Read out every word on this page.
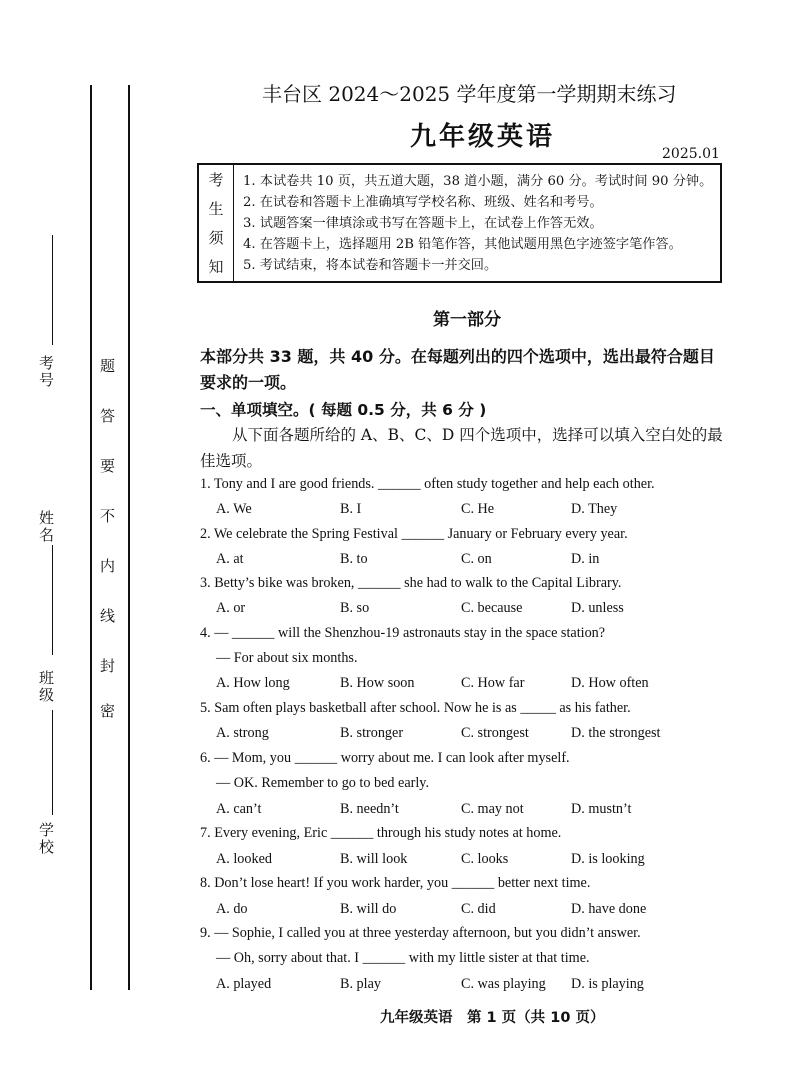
考号
姓名
班级
学校
题
答
要
不
内
线
封
密
丰台区 2024～2025 学年度第一学期期末练习
九年级英语
2025.01
考
生
须
知
1. 本试卷共 10 页，共五道大题，38 道小题，满分 60 分。考试时间 90 分钟。
2. 在试卷和答题卡上准确填写学校名称、班级、姓名和考号。
3. 试题答案一律填涂或书写在答题卡上，在试卷上作答无效。
4. 在答题卡上，选择题用 2B 铅笔作答，其他试题用黑色字迹签字笔作答。
5. 考试结束，将本试卷和答题卡一并交回。
第一部分
本部分共 33 题，共 40 分。在每题列出的四个选项中，选出最符合题目要求的一项。
一、单项填空。( 每题 0.5 分，共 6 分 )
从下面各题所给的 A、B、C、D 四个选项中，选择可以填入空白处的最佳选项。
1. Tony and I are good friends. ______ often study together and help each other.
A. We	B. I	C. He	D. They
2. We celebrate the Spring Festival ______ January or February every year.
A. at	B. to	C. on	D. in
3. Betty’s bike was broken, ______ she had to walk to the Capital Library.
A. or	B. so	C. because	D. unless
4. — ______ will the Shenzhou-19 astronauts stay in the space station?
— For about six months.
A. How long	B. How soon	C. How far	D. How often
5. Sam often plays basketball after school. Now he is as _____ as his father.
A. strong	B. stronger	C. strongest	D. the strongest
6. — Mom, you ______ worry about me. I can look after myself.
— OK. Remember to go to bed early.
A. can’t	B. needn’t	C. may not	D. mustn’t
7. Every evening, Eric ______ through his study notes at home.
A. looked	B. will look	C. looks	D. is looking
8. Don’t lose heart! If you work harder, you ______ better next time.
A. do	B. will do	C. did	D. have done
9. — Sophie, I called you at three yesterday afternoon, but you didn’t answer.
— Oh, sorry about that. I ______ with my little sister at that time.
A. played	B. play	C. was playing D. is playing
九年级英语　第 1 页（共 10 页）
